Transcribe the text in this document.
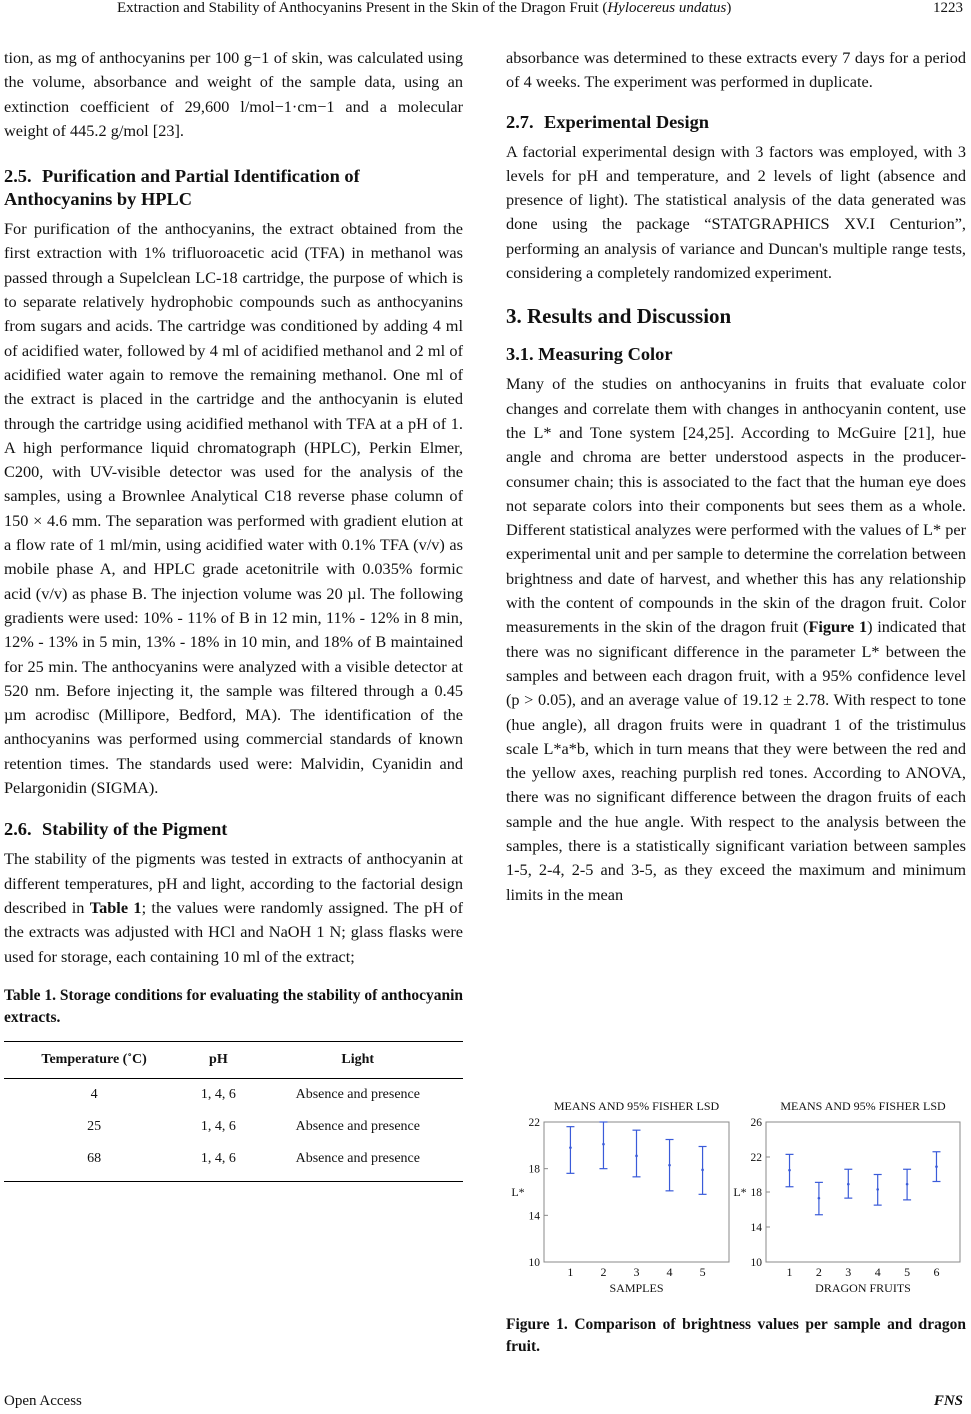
Extraction and Stability of Anthocyanins Present in the Skin of the Dragon Fruit (Hylocereus undatus)	1223

tion, as mg of anthocyanins per 100 g−1 of skin, was calculated using the volume, absorbance and weight of the sample data, using an extinction coefficient of 29,600 l/mol−1·cm−1 and a molecular weight of 445.2 g/mol [23].

2.5. Purification and Partial Identification of Anthocyanins by HPLC

For purification of the anthocyanins, the extract obtained from the first extraction with 1% trifluoroacetic acid (TFA) in methanol was passed through a Supelclean LC-18 cartridge, the purpose of which is to separate relatively hydrophobic compounds such as anthocyanins from sugars and acids. The cartridge was conditioned by adding 4 ml of acidified water, followed by 4 ml of acidified methanol and 2 ml of acidified water again to remove the remaining methanol. One ml of the extract is placed in the cartridge and the anthocyanin is eluted through the cartridge using acidified methanol with TFA at a pH of 1. A high performance liquid chromatograph (HPLC), Perkin Elmer, C200, with UV-visible detector was used for the analysis of the samples, using a Brownlee Analytical C18 reverse phase column of 150 × 4.6 mm. The separation was performed with gradient elution at a flow rate of 1 ml/min, using acidified water with 0.1% TFA (v/v) as mobile phase A, and HPLC grade acetonitrile with 0.035% formic acid (v/v) as phase B. The injection volume was 20 µl. The following gradients were used: 10% - 11% of B in 12 min, 11% - 12% in 8 min, 12% - 13% in 5 min, 13% - 18% in 10 min, and 18% of B maintained for 25 min. The anthocyanins were analyzed with a visible detector at 520 nm. Before injecting it, the sample was filtered through a 0.45 µm acrodisc (Millipore, Bedford, MA). The identification of the anthocyanins was performed using commercial standards of known retention times. The standards used were: Malvidin, Cyanidin and Pelargonidin (SIGMA).

2.6. Stability of the Pigment

The stability of the pigments was tested in extracts of anthocyanin at different temperatures, pH and light, according to the factorial design described in Table 1; the values were randomly assigned. The pH of the extracts was adjusted with HCl and NaOH 1 N; glass flasks were used for storage, each containing 10 ml of the extract;

Table 1. Storage conditions for evaluating the stability of anthocyanin extracts.

Temperature (˚C)	pH	Light
4	1, 4, 6	Absence and presence
25	1, 4, 6	Absence and presence
68	1, 4, 6	Absence and presence

absorbance was determined to these extracts every 7 days for a period of 4 weeks. The experiment was performed in duplicate.

2.7. Experimental Design

A factorial experimental design with 3 factors was employed, with 3 levels for pH and temperature, and 2 levels of light (absence and presence of light). The statistical analysis of the data generated was done using the package “STATGRAPHICS XV.I Centurion”, performing an analysis of variance and Duncan's multiple range tests, considering a completely randomized experiment.

3. Results and Discussion
3.1. Measuring Color

Many of the studies on anthocyanins in fruits that evaluate color changes and correlate them with changes in anthocyanin content, use the L* and Tone system [24,25]. According to McGuire [21], hue angle and chroma are better understood aspects in the producer-consumer chain; this is associated to the fact that the human eye does not separate colors into their components but sees them as a whole. Different statistical analyzes were performed with the values of L* per experimental unit and per sample to determine the correlation between brightness and date of harvest, and whether this has any relationship with the content of compounds in the skin of the dragon fruit. Color measurements in the skin of the dragon fruit (Figure 1) indicated that there was no significant difference in the parameter L* between the samples and between each dragon fruit, with a 95% confidence level (p > 0.05), and an average value of 19.12 ± 2.78. With respect to tone (hue angle), all dragon fruits were in quadrant 1 of the tristimulus scale L*a*b, which in turn means that they were between the red and the yellow axes, reaching purplish red tones. According to ANOVA, there was no significant difference between the dragon fruits of each sample and the hue angle. With respect to the analysis between the samples, there is a statistically significant variation between samples 1-5, 2-4, 2-5 and 3-5, as they exceed the maximum and minimum limits in the mean

MEANS AND 95% FISHER LSD
10
14
18
22
L*
1 2 3 4 5
SAMPLES
MEANS AND 95% FISHER LSD
10
14
18
22
26
L*
1 2 3 4 5 6
DRAGON FRUITS

Figure 1. Comparison of brightness values per sample and dragon fruit.

Open Access	FNS
